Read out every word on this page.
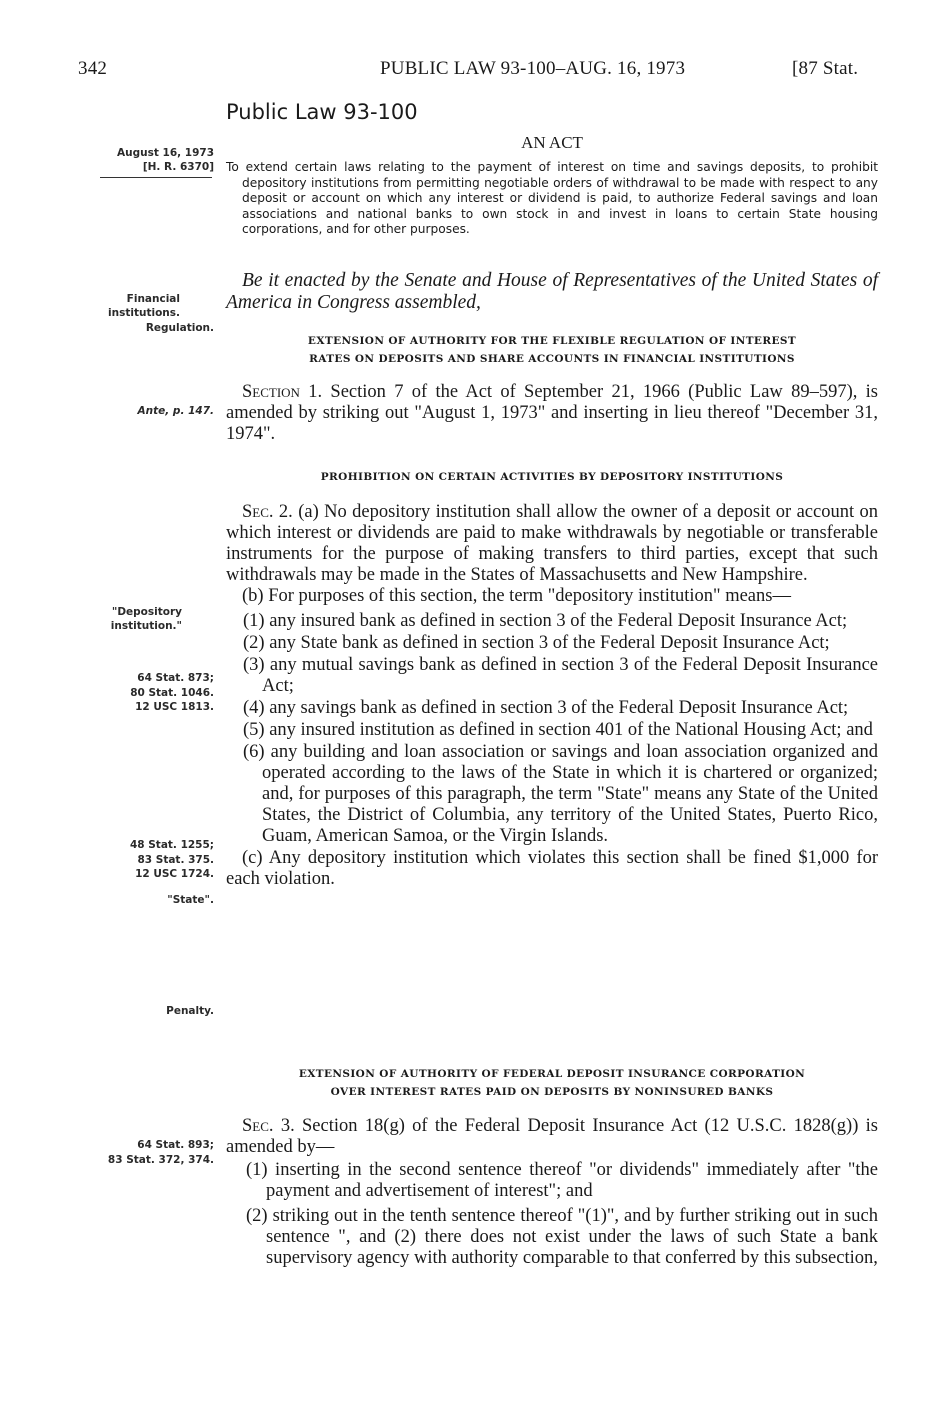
342	PUBLIC LAW 93-100–AUG. 16, 1973	[87 Stat.
Public Law 93-100
AN ACT
August 16, 1973
[H. R. 6370]
Financial institutions.
Regulation.
Ante, p. 147.
"Depository institution."
64 Stat. 873;
80 Stat. 1046.
12 USC 1813.
48 Stat. 1255;
83 Stat. 375.
12 USC 1724.
"State".
Penalty.
64 Stat. 893;
83 Stat. 372, 374.
To extend certain laws relating to the payment of interest on time and savings deposits, to prohibit depository institutions from permitting negotiable orders of withdrawal to be made with respect to any deposit or account on which any interest or dividend is paid, to authorize Federal savings and loan associations and national banks to own stock in and invest in loans to certain State housing corporations, and for other purposes.
Be it enacted by the Senate and House of Representatives of the United States of America in Congress assembled,
EXTENSION OF AUTHORITY FOR THE FLEXIBLE REGULATION OF INTEREST
RATES ON DEPOSITS AND SHARE ACCOUNTS IN FINANCIAL INSTITUTIONS

Section 1. Section 7 of the Act of September 21, 1966 (Public Law 89–597), is amended by striking out "August 1, 1973" and inserting in lieu thereof "December 31, 1974".

PROHIBITION ON CERTAIN ACTIVITIES BY DEPOSITORY INSTITUTIONS

Sec. 2. (a) No depository institution shall allow the owner of a deposit or account on which interest or dividends are paid to make withdrawals by negotiable or transferable instruments for the purpose of making transfers to third parties, except that such withdrawals may be made in the States of Massachusetts and New Hampshire.

(b) For purposes of this section, the term "depository institution" means—

(1) any insured bank as defined in section 3 of the Federal Deposit Insurance Act;

(2) any State bank as defined in section 3 of the Federal Deposit Insurance Act;

(3) any mutual savings bank as defined in section 3 of the Federal Deposit Insurance Act;

(4) any savings bank as defined in section 3 of the Federal Deposit Insurance Act;

(5) any insured institution as defined in section 401 of the National Housing Act; and

(6) any building and loan association or savings and loan association organized and operated according to the laws of the State in which it is chartered or organized; and, for purposes of this paragraph, the term "State" means any State of the United States, the District of Columbia, any territory of the United States, Puerto Rico, Guam, American Samoa, or the Virgin Islands.

(c) Any depository institution which violates this section shall be fined $1,000 for each violation.

EXTENSION OF AUTHORITY OF FEDERAL DEPOSIT INSURANCE CORPORATION
OVER INTEREST RATES PAID ON DEPOSITS BY NONINSURED BANKS

Sec. 3. Section 18(g) of the Federal Deposit Insurance Act (12 U.S.C. 1828(g)) is amended by—

(1) inserting in the second sentence thereof "or dividends" immediately after "the payment and advertisement of interest"; and

(2) striking out in the tenth sentence thereof "(1)", and by further striking out in such sentence ", and (2) there does not exist under the laws of such State a bank supervisory agency with authority comparable to that conferred by this subsection,
